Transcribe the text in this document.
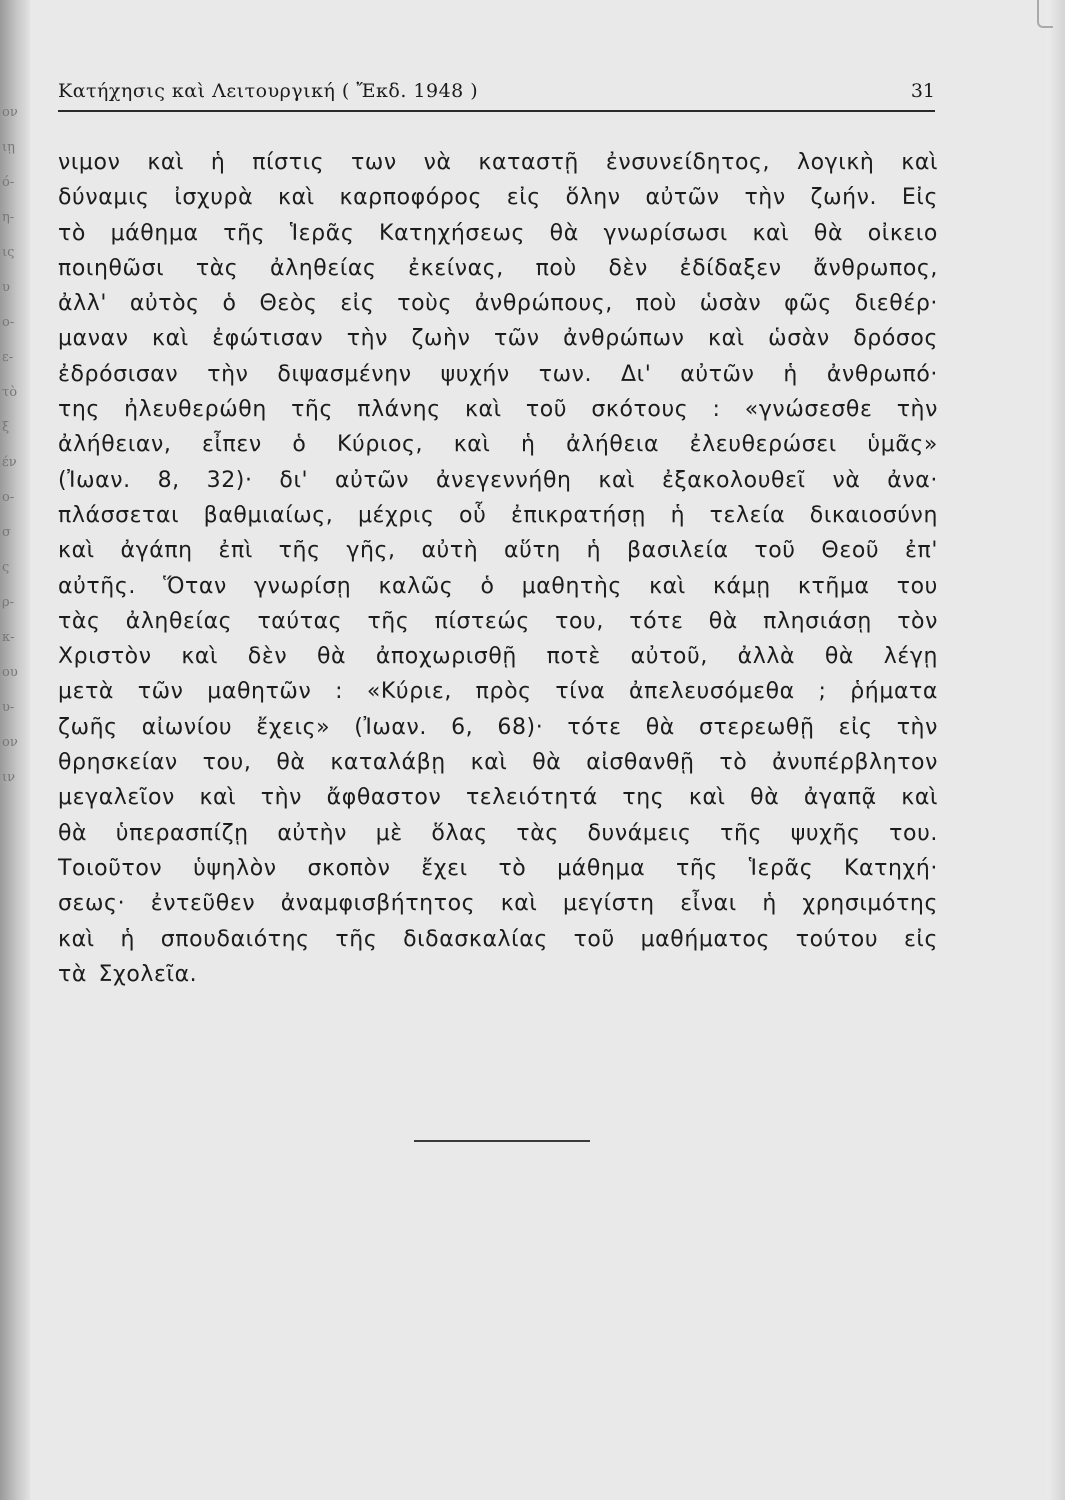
ον
ιῃ
ό-
η-
ις
υ
ο-
ε-
τὸ
ξ
έν
ο-
σ
ς
ρ-
κ-
ου
υ-
ον
ιν
Κατήχησις καὶ Λειτουργική ( Ἔκδ. 1948 )	31
νιμον καὶ ἡ πίστις των νὰ καταστῇ ἐνσυνείδητος, λογικὴ καὶ
δύναμις ἰσχυρὰ καὶ καρποφόρος εἰς ὅλην αὐτῶν τὴν ζωήν. Εἰς
τὸ μάθημα τῆς Ἱερᾶς Κατηχήσεως θὰ γνωρίσωσι καὶ θὰ οἰκειο
ποιηθῶσι τὰς ἀληθείας ἐκείνας, ποὺ δὲν ἐδίδαξεν ἄνθρωπος,
ἀλλ' αὐτὸς ὁ Θεὸς εἰς τοὺς ἀνθρώπους, ποὺ ὡσὰν φῶς διεθέρ·
μαναν καὶ ἐφώτισαν τὴν ζωὴν τῶν ἀνθρώπων καὶ ὡσὰν δρόσος
ἐδρόσισαν τὴν διψασμένην ψυχήν των. Δι' αὐτῶν ἡ ἀνθρωπό·
της ἠλευθερώθη τῆς πλάνης καὶ τοῦ σκότους : «γνώσεσθε τὴν
ἀλήθειαν, εἶπεν ὁ Κύριος, καὶ ἡ ἀλήθεια ἐλευθερώσει ὑμᾶς»
(Ἰωαν. 8, 32)· δι' αὐτῶν ἀνεγεννήθη καὶ ἐξακολουθεῖ νὰ ἀνα·
πλάσσεται βαθμιαίως, μέχρις οὗ ἐπικρατήσῃ ἡ τελεία δικαιοσύνη
καὶ ἀγάπη ἐπὶ τῆς γῆς, αὐτὴ αὕτη ἡ βασιλεία τοῦ Θεοῦ ἐπ'
αὐτῆς. Ὅταν γνωρίσῃ καλῶς ὁ μαθητὴς καὶ κάμῃ κτῆμα του
τὰς ἀληθείας ταύτας τῆς πίστεώς του, τότε θὰ πλησιάσῃ τὸν
Χριστὸν καὶ δὲν θὰ ἀποχωρισθῇ ποτὲ αὐτοῦ, ἀλλὰ θὰ λέγῃ
μετὰ τῶν μαθητῶν : «Κύριε, πρὸς τίνα ἀπελευσόμεθα ; ῥήματα
ζωῆς αἰωνίου ἔχεις» (Ἰωαν. 6, 68)· τότε θὰ στερεωθῇ εἰς τὴν
θρησκείαν του, θὰ καταλάβῃ καὶ θὰ αἰσθανθῇ τὸ ἀνυπέρβλητον
μεγαλεῖον καὶ τὴν ἄφθαστον τελειότητά της καὶ θὰ ἀγαπᾷ καὶ
θὰ ὑπερασπίζῃ αὐτὴν μὲ ὅλας τὰς δυνάμεις τῆς ψυχῆς του.
Τοιοῦτον ὑψηλὸν σκοπὸν ἔχει τὸ μάθημα τῆς Ἱερᾶς Κατηχή·
σεως· ἐντεῦθεν ἀναμφισβήτητος καὶ μεγίστη εἶναι ἡ χρησιμότης
καὶ ἡ σπουδαιότης τῆς διδασκαλίας τοῦ μαθήματος τούτου εἰς
τὰ Σχολεῖα.
